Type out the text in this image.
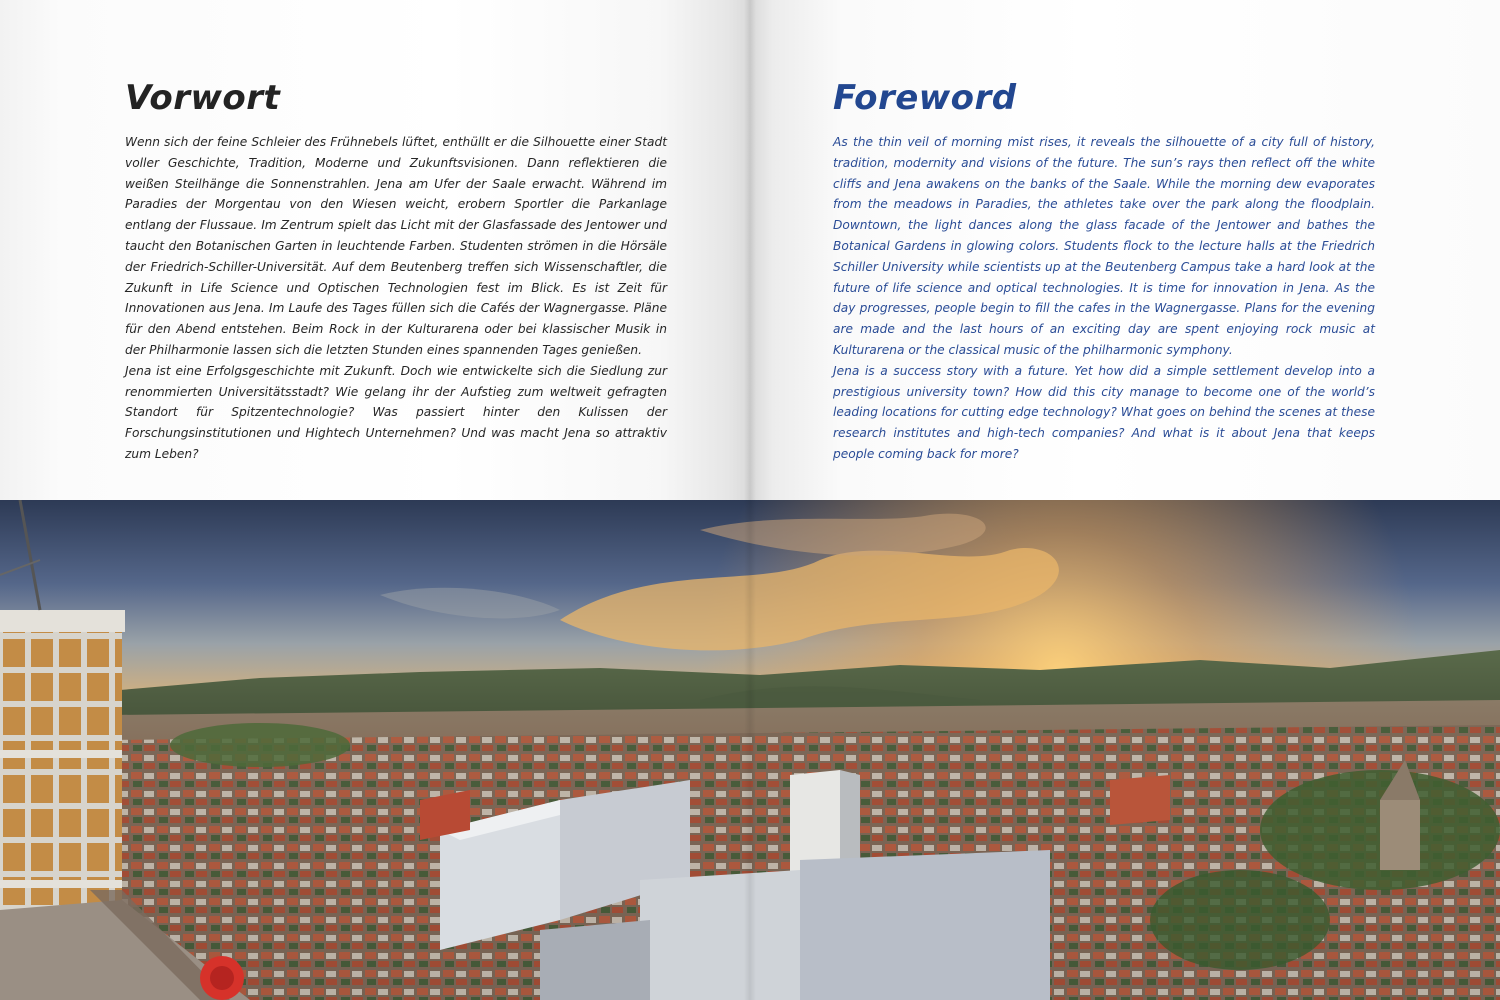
Vorwort

Wenn sich der feine Schleier des Frühnebels lüftet, enthüllt er die Silhouette einer Stadt voller Geschichte, Tradition, Moderne und Zukunftsvisionen. Dann reflektieren die weißen Steilhänge die Sonnenstrahlen. Jena am Ufer der Saale erwacht. Während im Paradies der Morgentau von den Wiesen weicht, erobern Sportler die Parkanlage entlang der Flussaue. Im Zentrum spielt das Licht mit der Glasfassade des Jentower und taucht den Botanischen Garten in leuchtende Farben. Studenten strömen in die Hörsäle der Friedrich-Schiller-Universität. Auf dem Beutenberg treffen sich Wissenschaftler, die Zukunft in Life Science und Optischen Technologien fest im Blick. Es ist Zeit für Innovationen aus Jena. Im Laufe des Tages füllen sich die Cafés der Wagnergasse. Pläne für den Abend entstehen. Beim Rock in der Kulturarena oder bei klassischer Musik in der Philharmonie lassen sich die letzten Stunden eines spannenden Tages genießen.

Jena ist eine Erfolgsgeschichte mit Zukunft. Doch wie entwickelte sich die Siedlung zur renommierten Universitätsstadt? Wie gelang ihr der Aufstieg zum weltweit gefragten Standort für Spitzentechnologie? Was passiert hinter den Kulissen der Forschungsinstitutionen und Hightech Unternehmen? Und was macht Jena so attraktiv zum Leben?

Foreword

As the thin veil of morning mist rises, it reveals the silhouette of a city full of history, tradition, modernity and visions of the future. The sun’s rays then reflect off the white cliffs and Jena awakens on the banks of the Saale. While the morning dew evaporates from the meadows in Paradies, the athletes take over the park along the floodplain. Downtown, the light dances along the glass facade of the Jentower and bathes the Botanical Gardens in glowing colors. Students flock to the lecture halls at the Friedrich Schiller University while scientists up at the Beutenberg Campus take a hard look at the future of life science and optical technologies. It is time for innovation in Jena. As the day progresses, people begin to fill the cafes in the Wagnergasse. Plans for the evening are made and the last hours of an exciting day are spent enjoying rock music at Kulturarena or the classical music of the philharmonic symphony.

Jena is a success story with a future. Yet how did a simple settlement develop into a prestigious university town? How did this city manage to become one of the world’s leading locations for cutting edge technology? What goes on behind the scenes at these research institutes and high-tech companies? And what is it about Jena that keeps people coming back for more?
